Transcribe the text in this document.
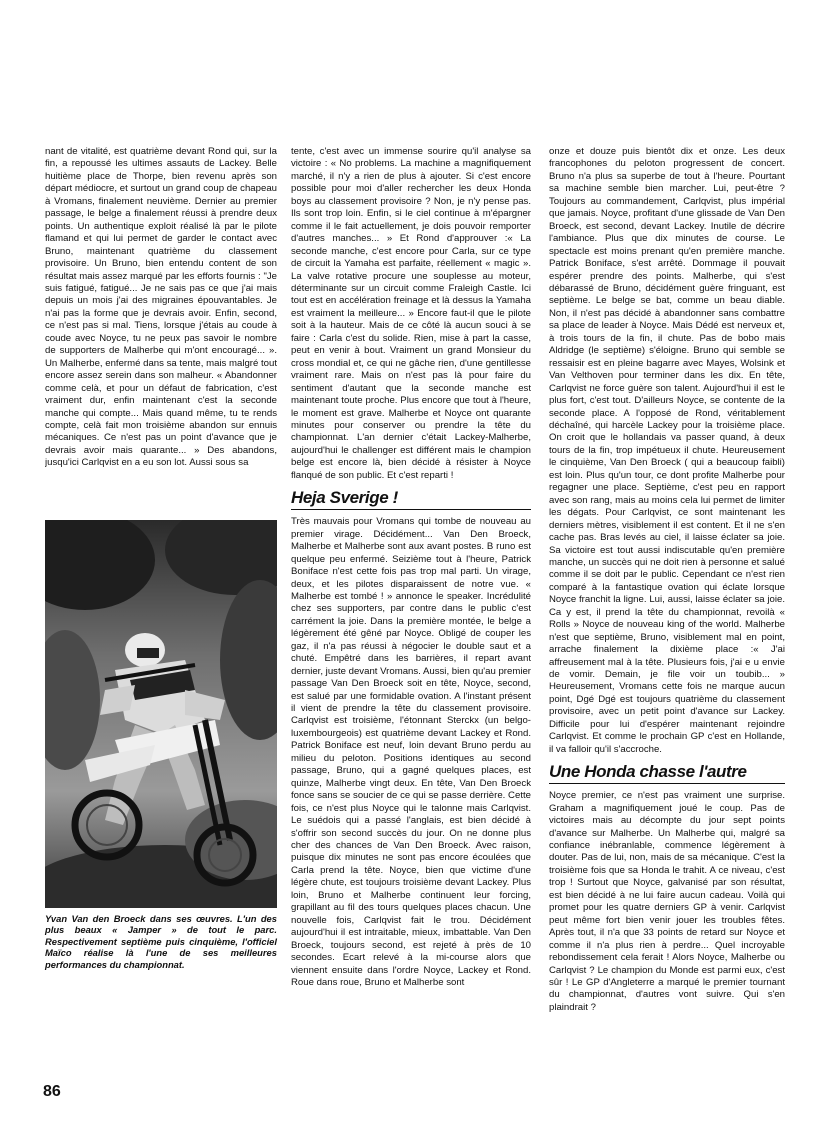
nant de vitalité, est quatrième devant Rond qui, sur la fin, a repoussé les ultimes assauts de Lackey. Belle huitième place de Thorpe, bien revenu après son départ médiocre, et surtout un grand coup de chapeau à Vromans, finalement neuvième. Dernier au premier passage, le belge a finalement réussi à prendre deux points. Un authentique exploit réalisé là par le pilote flamand et qui lui permet de garder le contact avec Bruno, maintenant quatrième du classement provisoire. Un Bruno, bien entendu content de son résultat mais assez marqué par les efforts fournis : "Je suis fatigué, fatigué... Je ne sais pas ce que j'ai mais depuis un mois j'ai des migraines épouvantables. Je n'ai pas la forme que je devrais avoir. Enfin, second, ce n'est pas si mal. Tiens, lorsque j'étais au coude à coude avec Noyce, tu ne peux pas savoir le nombre de supporters de Malherbe qui m'ont encouragé... ». Un Malherbe, enfermé dans sa tente, mais malgré tout encore assez serein dans son malheur. « Abandonner comme celà, et pour un défaut de fabrication, c'est vraiment dur, enfin maintenant c'est la seconde manche qui compte... Mais quand même, tu te rends compte, celà fait mon troisième abandon sur ennuis mécaniques. Ce n'est pas un point d'avance que je devrais avoir mais quarante... » Des abandons, jusqu'ici Carlqvist en a eu son lot. Aussi sous sa

Yvan Van den Broeck dans ses œuvres. L'un des plus beaux « Jamper » de tout le parc. Respectivement septième puis cinquième, l'officiel Maïco réalise là l'une de ses meilleures performances du championnat.

tente, c'est avec un immense sourire qu'il analyse sa victoire : « No problems. La machine a magnifiquement marché, il n'y a rien de plus à ajouter. Si c'est encore possible pour moi d'aller rechercher les deux Honda boys au classement provisoire ? Non, je n'y pense pas. Ils sont trop loin. Enfin, si le ciel continue à m'épargner comme il le fait actuellement, je dois pouvoir remporter d'autres manches... » Et Rond d'approuver :« La seconde manche, c'est encore pour Carla, sur ce type de circuit la Yamaha est parfaite, réellement « magic ». La valve rotative procure une souplesse au moteur, déterminante sur un circuit comme Fraleigh Castle. Ici tout est en accélération freinage et là dessus la Yamaha est vraiment la meilleure... » Encore faut-il que le pilote soit à la hauteur. Mais de ce côté là aucun souci à se faire : Carla c'est du solide. Rien, mise à part la casse, peut en venir à bout. Vraiment un grand Monsieur du cross mondial et, ce qui ne gâche rien, d'une gentillesse vraiment rare. Mais on n'est pas là pour faire du sentiment d'autant que la seconde manche est maintenant toute proche. Plus encore que tout à l'heure, le moment est grave. Malherbe et Noyce ont quarante minutes pour conserver ou prendre la tête du championnat. L'an dernier c'était Lackey-Malherbe, aujourd'hui le challenger est différent mais le champion belge est encore là, bien décidé à résister à Noyce flanqué de son public. Et c'est reparti !

Heja Sverige !

Très mauvais pour Vromans qui tombe de nouveau au premier virage. Décidément... Van Den Broeck, Malherbe et Malherbe sont aux avant postes. B runo est quelque peu enfermé. Seizième tout à l'heure, Patrick Boniface n'est cette fois pas trop mal parti. Un virage, deux, et les pilotes disparaissent de notre vue. « Malherbe est tombé ! » annonce le speaker. Incrédulité chez ses supporters, par contre dans le public c'est carrément la joie. Dans la première montée, le belge a légèrement été gêné par Noyce. Obligé de couper les gaz, il n'a pas réussi à négocier le double saut et a chuté. Empêtré dans les barrières, il repart avant dernier, juste devant Vromans. Aussi, bien qu'au premier passage Van Den Broeck soit en tête, Noyce, second, est salué par une formidable ovation. A l'instant présent il vient de prendre la tête du classement provisoire. Carlqvist est troisième, l'étonnant Sterckx (un belgo-luxembourgeois) est quatrième devant Lackey et Rond. Patrick Boniface est neuf, loin devant Bruno perdu au milieu du peloton. Positions identiques au second passage, Bruno, qui a gagné quelques places, est quinze, Malherbe vingt deux. En tête, Van Den Broeck fonce sans se soucier de ce qui se passe derrière. Cette fois, ce n'est plus Noyce qui le talonne mais Carlqvist. Le suédois qui a passé l'anglais, est bien décidé à s'offrir son second succès du jour. On ne donne plus cher des chances de Van Den Broeck. Avec raison, puisque dix minutes ne sont pas encore écoulées que Carla prend la tête. Noyce, bien que victime d'une légère chute, est toujours troisième devant Lackey. Plus loin, Bruno et Malherbe continuent leur forcing, grapillant au fil des tours quelques places chacun. Une nouvelle fois, Carlqvist fait le trou. Décidément aujourd'hui il est intraitable, mieux, imbattable. Van Den Broeck, toujours second, est rejeté à près de 10 secondes. Ecart relevé à la mi-course alors que viennent ensuite dans l'ordre Noyce, Lackey et Rond. Roue dans roue, Bruno et Malherbe sont

onze et douze puis bientôt dix et onze. Les deux francophones du peloton progressent de concert. Bruno n'a plus sa superbe de tout à l'heure. Pourtant sa machine semble bien marcher. Lui, peut-être ? Toujours au commandement, Carlqvist, plus impérial que jamais. Noyce, profitant d'une glissade de Van Den Broeck, est second, devant Lackey. Inutile de décrire l'ambiance. Plus que dix minutes de course. Le spectacle est moins prenant qu'en première manche. Patrick Boniface, s'est arrêté. Dommage il pouvait espérer prendre des points. Malherbe, qui s'est débarassé de Bruno, décidément guère fringuant, est septième. Le belge se bat, comme un beau diable. Non, il n'est pas décidé à abandonner sans combattre sa place de leader à Noyce. Mais Dédé est nerveux et, à trois tours de la fin, il chute. Pas de bobo mais Aldridge (le septième) s'éloigne. Bruno qui semble se ressaisir est en pleine bagarre avec Mayes, Wolsink et Van Velthoven pour terminer dans les dix. En tête, Carlqvist ne force guère son talent. Aujourd'hui il est le plus fort, c'est tout. D'ailleurs Noyce, se contente de la seconde place. A l'opposé de Rond, véritablement déchaîné, qui harcèle Lackey pour la troisième place. On croit que le hollandais va passer quand, à deux tours de la fin, trop impétueux il chute. Heureusement le cinquième, Van Den Broeck ( qui a beaucoup faibli) est loin. Plus qu'un tour, ce dont profite Malherbe pour regagner une place. Septième, c'est peu en rapport avec son rang, mais au moins cela lui permet de limiter les dégats. Pour Carlqvist, ce sont maintenant les derniers mètres, visiblement il est content. Et il ne s'en cache pas. Bras levés au ciel, il laisse éclater sa joie. Sa victoire est tout aussi indiscutable qu'en première manche, un succès qui ne doit rien à personne et salué comme il se doit par le public. Cependant ce n'est rien comparé à la fantastique ovation qui éclate lorsque Noyce franchit la ligne. Lui, aussi, laisse éclater sa joie. Ca y est, il prend la tête du championnat, revoilà « Rolls » Noyce de nouveau king of the world. Malherbe n'est que septième, Bruno, visiblement mal en point, arrache finalement la dixième place :« J'ai affreusement mal à la tête. Plusieurs fois, j'ai e u envie de vomir. Demain, je file voir un toubib... » Heureusement, Vromans cette fois ne marque aucun point, Dgé Dgé est toujours quatrième du classement provisoire, avec un petit point d'avance sur Lackey. Difficile pour lui d'espérer maintenant rejoindre Carlqvist. Et comme le prochain GP c'est en Hollande, il va falloir qu'il s'accroche.

Une Honda chasse l'autre

Noyce premier, ce n'est pas vraiment une surprise. Graham a magnifiquement joué le coup. Pas de victoires mais au décompte du jour sept points d'avance sur Malherbe. Un Malherbe qui, malgré sa confiance inébranlable, commence légèrement à douter. Pas de lui, non, mais de sa mécanique. C'est la troisième fois que sa Honda le trahit. A ce niveau, c'est trop ! Surtout que Noyce, galvanisé par son résultat, est bien décidé à ne lui faire aucun cadeau. Voilà qui promet pour les quatre derniers GP à venir. Carlqvist peut même fort bien venir jouer les troubles fêtes. Après tout, il n'a que 33 points de retard sur Noyce et comme il n'a plus rien à perdre... Quel incroyable rebondissement cela ferait ! Alors Noyce, Malherbe ou Carlqvist ? Le champion du Monde est parmi eux, c'est sûr ! Le GP d'Angleterre a marqué le premier tournant du championnat, d'autres vont suivre. Qui s'en plaindrait ?

86
